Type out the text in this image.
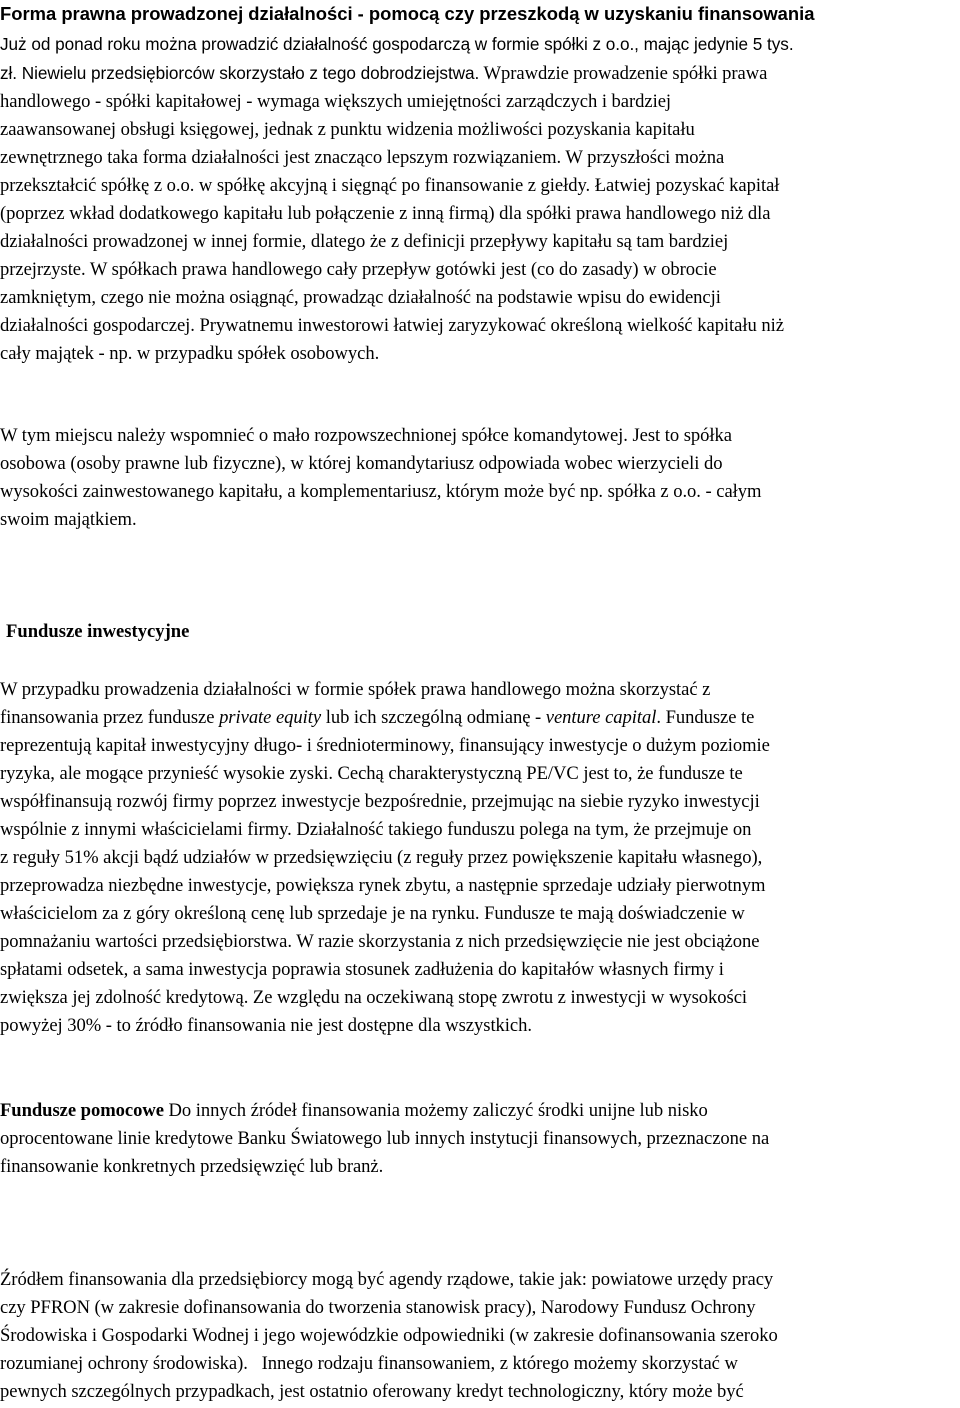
Forma prawna prowadzonej działalności - pomocą czy przeszkodą w uzyskaniu finansowania
Już od ponad roku można prowadzić działalność gospodarczą w formie spółki z o.o., mając jedynie 5 tys.
zł. Niewielu przedsiębiorców skorzystało z tego dobrodziejstwa. Wprawdzie prowadzenie spółki prawa
handlowego - spółki kapitałowej - wymaga większych umiejętności zarządczych i bardziej
zaawansowanej obsługi księgowej, jednak z punktu widzenia możliwości pozyskania kapitału
zewnętrznego taka forma działalności jest znacząco lepszym rozwiązaniem. W przyszłości można
przekształcić spółkę z o.o. w spółkę akcyjną i sięgnąć po finansowanie z giełdy. Łatwiej pozyskać kapitał
(poprzez wkład dodatkowego kapitału lub połączenie z inną firmą) dla spółki prawa handlowego niż dla
działalności prowadzonej w innej formie, dlatego że z definicji przepływy kapitału są tam bardziej
przejrzyste. W spółkach prawa handlowego cały przepływ gotówki jest (co do zasady) w obrocie
zamkniętym, czego nie można osiągnąć, prowadząc działalność na podstawie wpisu do ewidencji
działalności gospodarczej. Prywatnemu inwestorowi łatwiej zaryzykować określoną wielkość kapitału niż
cały majątek - np. w przypadku spółek osobowych.
W tym miejscu należy wspomnieć o mało rozpowszechnionej spółce komandytowej. Jest to spółka
osobowa (osoby prawne lub fizyczne), w której komandytariusz odpowiada wobec wierzycieli do
wysokości zainwestowanego kapitału, a komplementariusz, którym może być np. spółka z o.o. - całym
swoim majątkiem.
Fundusze inwestycyjne
W przypadku prowadzenia działalności w formie spółek prawa handlowego można skorzystać z
finansowania przez fundusze private equity lub ich szczególną odmianę - venture capital. Fundusze te
reprezentują kapitał inwestycyjny długo- i średnioterminowy, finansujący inwestycje o dużym poziomie
ryzyka, ale mogące przynieść wysokie zyski. Cechą charakterystyczną PE/VC jest to, że fundusze te
współfinansują rozwój firmy poprzez inwestycje bezpośrednie, przejmując na siebie ryzyko inwestycji
wspólnie z innymi właścicielami firmy. Działalność takiego funduszu polega na tym, że przejmuje on
z reguły 51% akcji bądź udziałów w przedsięwzięciu (z reguły przez powiększenie kapitału własnego),
przeprowadza niezbędne inwestycje, powiększa rynek zbytu, a następnie sprzedaje udziały pierwotnym
właścicielom za z góry określoną cenę lub sprzedaje je na rynku. Fundusze te mają doświadczenie w
pomnażaniu wartości przedsiębiorstwa. W razie skorzystania z nich przedsięwzięcie nie jest obciążone
spłatami odsetek, a sama inwestycja poprawia stosunek zadłużenia do kapitałów własnych firmy i
zwiększa jej zdolność kredytową. Ze względu na oczekiwaną stopę zwrotu z inwestycji w wysokości
powyżej 30% - to źródło finansowania nie jest dostępne dla wszystkich.
Fundusze pomocowe Do innych źródeł finansowania możemy zaliczyć środki unijne lub nisko
oprocentowane linie kredytowe Banku Światowego lub innych instytucji finansowych, przeznaczone na
finansowanie konkretnych przedsięwzięć lub branż.
Źródłem finansowania dla przedsiębiorcy mogą być agendy rządowe, takie jak: powiatowe urzędy pracy
czy PFRON (w zakresie dofinansowania do tworzenia stanowisk pracy), Narodowy Fundusz Ochrony
Środowiska i Gospodarki Wodnej i jego wojewódzkie odpowiedniki (w zakresie dofinansowania szeroko
rozumianej ochrony środowiska).   Innego rodzaju finansowaniem, z którego możemy skorzystać w
pewnych szczególnych przypadkach, jest ostatnio oferowany kredyt technologiczny, który może być
